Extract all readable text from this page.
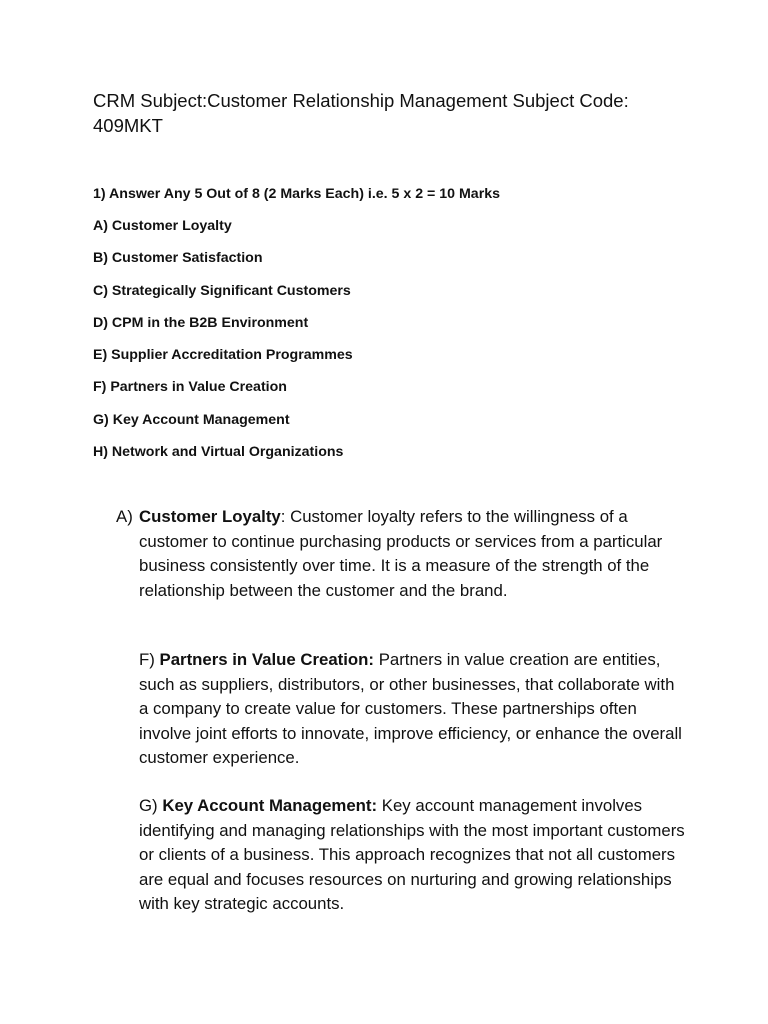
CRM Subject:Customer Relationship Management Subject Code: 409MKT

1) Answer Any 5 Out of 8 (2 Marks Each) i.e. 5 x 2 = 10 Marks

A) Customer Loyalty
B) Customer Satisfaction
C) Strategically Significant Customers
D) CPM in the B2B Environment
E) Supplier Accreditation Programmes
F) Partners in Value Creation
G) Key Account Management
H) Network and Virtual Organizations

A) Customer Loyalty: Customer loyalty refers to the willingness of a customer to continue purchasing products or services from a particular business consistently over time. It is a measure of the strength of the relationship between the customer and the brand.

F) Partners in Value Creation: Partners in value creation are entities, such as suppliers, distributors, or other businesses, that collaborate with a company to create value for customers. These partnerships often involve joint efforts to innovate, improve efficiency, or enhance the overall customer experience.

G) Key Account Management: Key account management involves identifying and managing relationships with the most important customers or clients of a business. This approach recognizes that not all customers are equal and focuses resources on nurturing and growing relationships with key strategic accounts.
